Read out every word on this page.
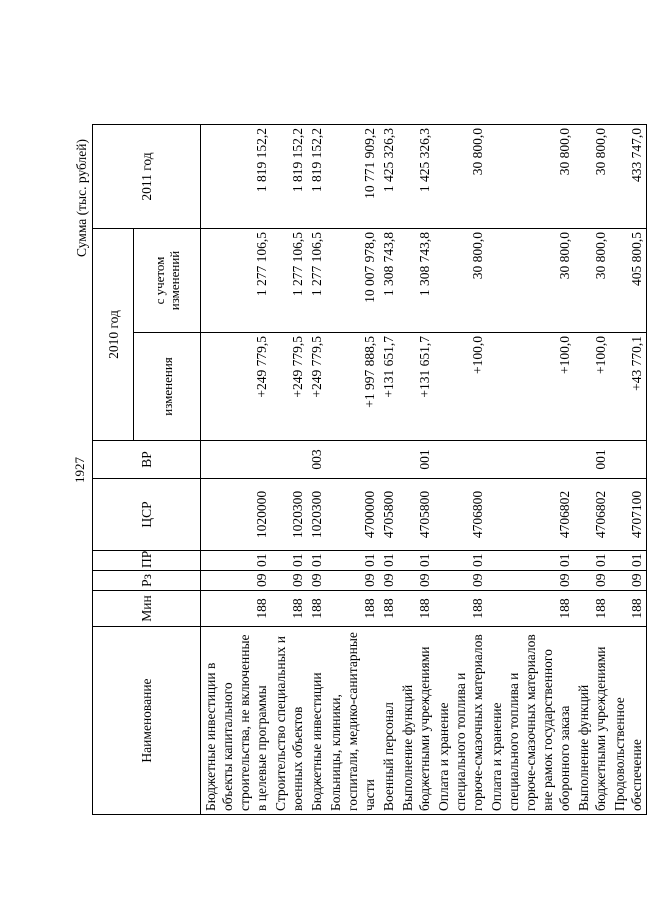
1927
Сумма (тыс. рублей)
Наименование	Мин	Рз	ПР	ЦСР	ВР	2010 год		2011 год
						изменения	с учетом изменений	
Бюджетные инвестиции в объекты капитального строительства, не включенные в целевые программы	188	09	01	1020000		+249 779,5	1 277 106,5	1 819 152,2
Строительство специальных и военных объектов	188	09	01	1020300		+249 779,5	1 277 106,5	1 819 152,2
Бюджетные инвестиции	188	09	01	1020300	003	+249 779,5	1 277 106,5	1 819 152,2
Больницы, клиники, госпитали, медико-санитарные части	188	09	01	4700000		+1 997 888,5	10 007 978,0	10 771 909,2
Военный персонал	188	09	01	4705800		+131 651,7	1 308 743,8	1 425 326,3
Выполнение функций бюджетными учреждениями	188	09	01	4705800	001	+131 651,7	1 308 743,8	1 425 326,3
Оплата и хранение специального топлива и горюче-смазочных материалов	188	09	01	4706800		+100,0	30 800,0	30 800,0
Оплата и хранение специального топлива и горюче-смазочных материалов вне рамок государственного оборонного заказа	188	09	01	4706802		+100,0	30 800,0	30 800,0
Выполнение функций бюджетными учреждениями	188	09	01	4706802	001	+100,0	30 800,0	30 800,0
Продовольственное обеспечение	188	09	01	4707100		+43 770,1	405 800,5	433 747,0
